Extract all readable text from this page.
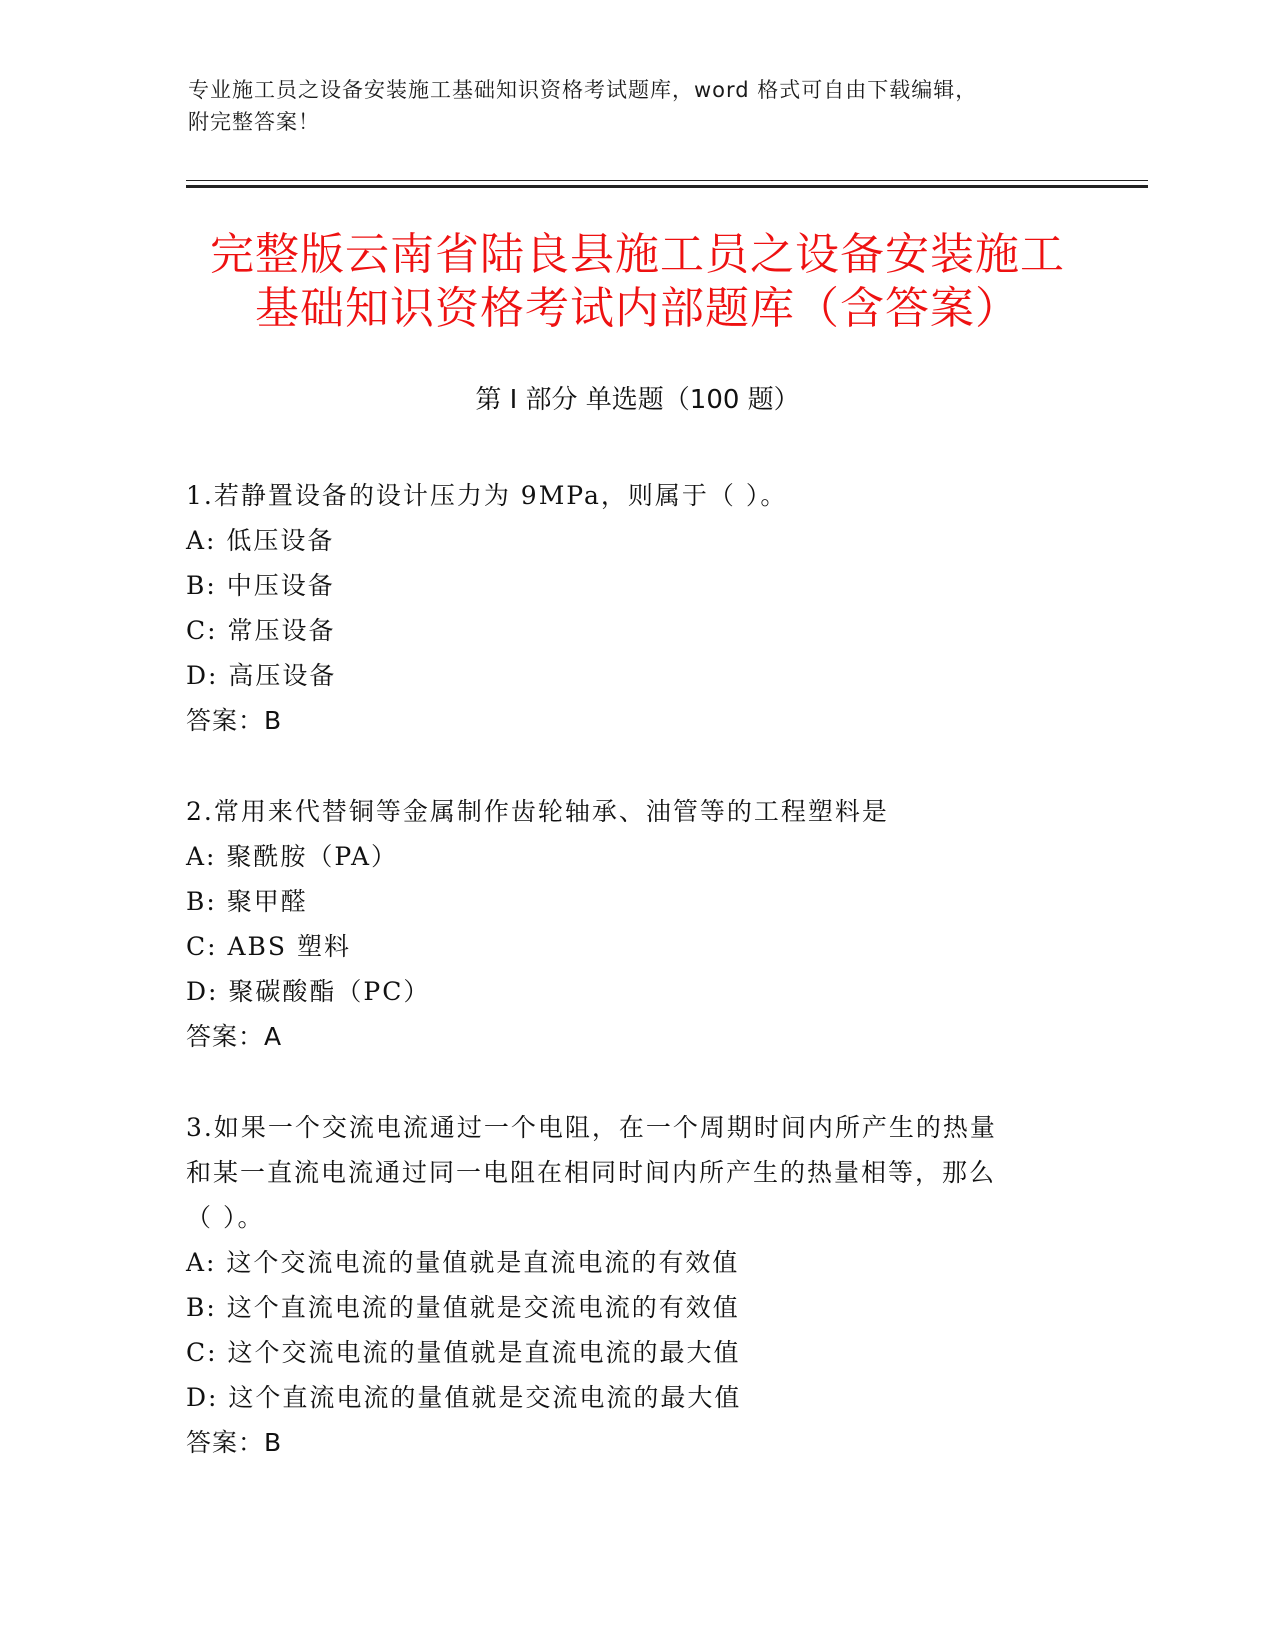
专业施工员之设备安装施工基础知识资格考试题库，word 格式可自由下载编辑，
附完整答案！
完整版云南省陆良县施工员之设备安装施工
基础知识资格考试内部题库（含答案）
第 I 部分 单选题（100 题）
1.若静置设备的设计压力为 9MPa，则属于（ ）。
A: 低压设备
B: 中压设备
C: 常压设备
D: 高压设备
答案：B
2.常用来代替铜等金属制作齿轮轴承、油管等的工程塑料是
A: 聚酰胺（PA）
B: 聚甲醛
C: ABS 塑料
D: 聚碳酸酯（PC）
答案：A
3.如果一个交流电流通过一个电阻，在一个周期时间内所产生的热量
和某一直流电流通过同一电阻在相同时间内所产生的热量相等，那么
（ ）。
A: 这个交流电流的量值就是直流电流的有效值
B: 这个直流电流的量值就是交流电流的有效值
C: 这个交流电流的量值就是直流电流的最大值
D: 这个直流电流的量值就是交流电流的最大值
答案：B
